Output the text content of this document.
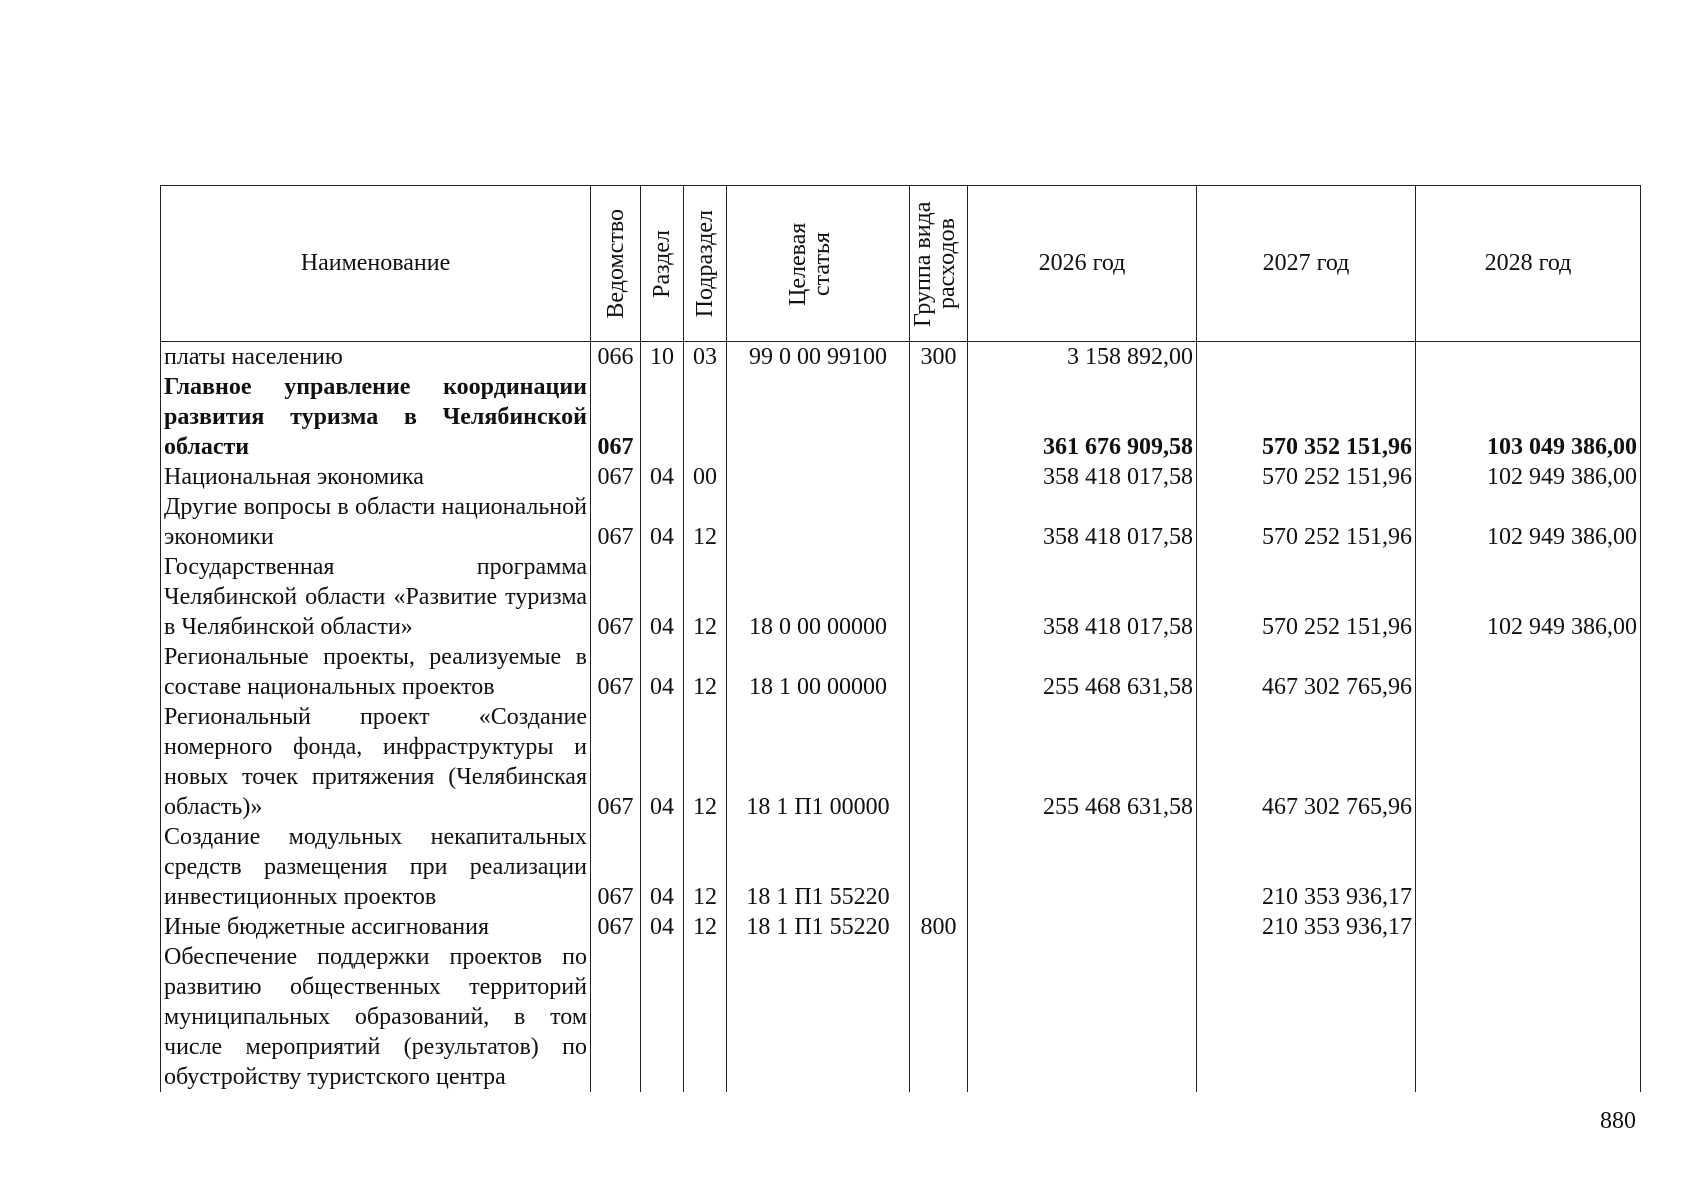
Наименование	Ведомство	Раздел	Подраздел	Целевая статья	Группа вида расходов	2026 год	2027 год	2028 год
платы населению	066	10	03	99 0 00 99100	300	3 158 892,00		
Главное управление координации развития туризма в Челябинской области	067					361 676 909,58	570 352 151,96	103 049 386,00
Национальная экономика	067	04	00			358 418 017,58	570 252 151,96	102 949 386,00
Другие вопросы в области национальной экономики	067	04	12			358 418 017,58	570 252 151,96	102 949 386,00
Государственная программа Челябинской области «Развитие туризма в Челябинской области»	067	04	12	18 0 00 00000		358 418 017,58	570 252 151,96	102 949 386,00
Региональные проекты, реализуемые в составе национальных проектов	067	04	12	18 1 00 00000		255 468 631,58	467 302 765,96	
Региональный проект «Создание номерного фонда, инфраструктуры и новых точек притяжения (Челябинская область)»	067	04	12	18 1 П1 00000		255 468 631,58	467 302 765,96	
Создание модульных некапитальных средств размещения при реализации инвестиционных проектов	067	04	12	18 1 П1 55220			210 353 936,17	
Иные бюджетные ассигнования	067	04	12	18 1 П1 55220	800		210 353 936,17	
Обеспечение поддержки проектов по развитию общественных территорий муниципальных образований, в том числе мероприятий (результатов) по обустройству туристского центра								
880
